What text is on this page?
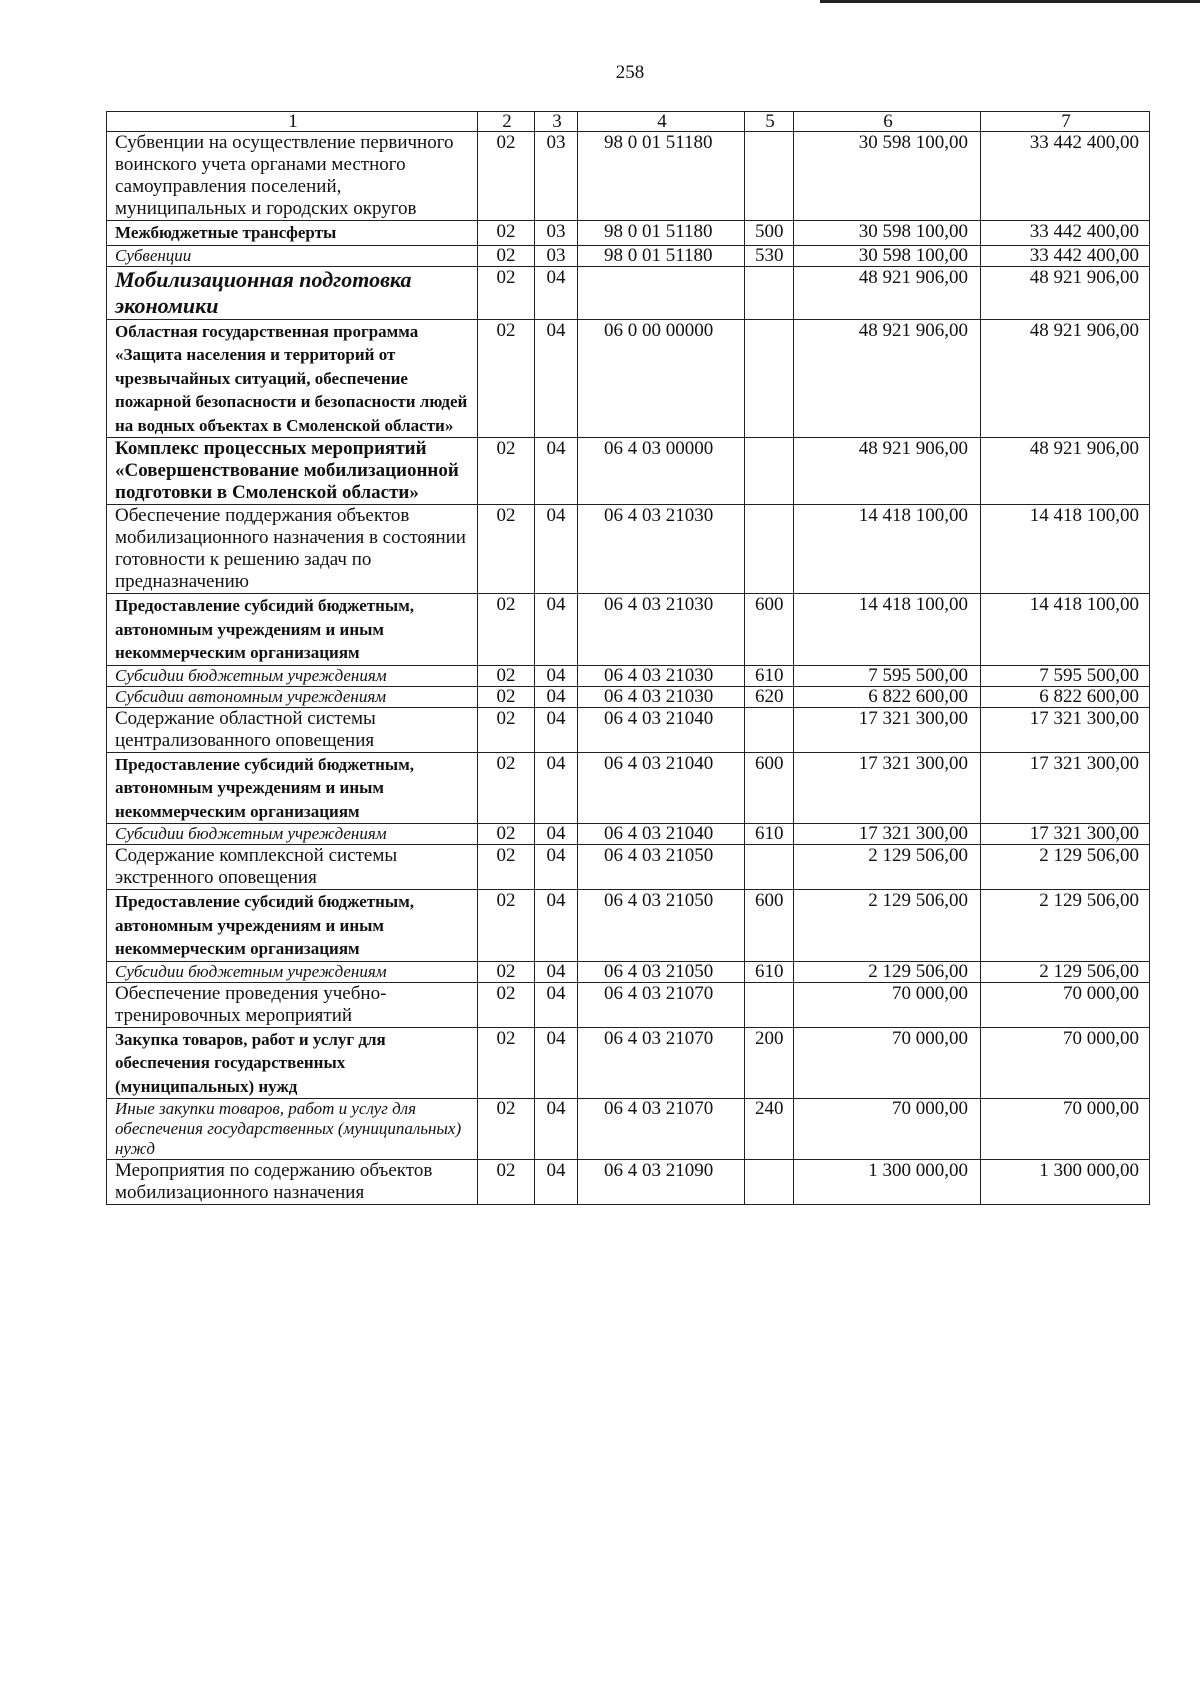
258
1	2	3	4	5	6	7
Субвенции на осуществление первичного воинского учета органами местного самоуправления поселений, муниципальных и городских округов	02	03	98 0 01 51180		30 598 100,00	33 442 400,00
Межбюджетные трансферты	02	03	98 0 01 51180	500	30 598 100,00	33 442 400,00
Субвенции	02	03	98 0 01 51180	530	30 598 100,00	33 442 400,00
Мобилизационная подготовка экономики	02	04			48 921 906,00	48 921 906,00
Областная государственная программа «Защита населения и территорий от чрезвычайных ситуаций, обеспечение пожарной безопасности и безопасности людей на водных объектах в Смоленской области»	02	04	06 0 00 00000		48 921 906,00	48 921 906,00
Комплекс процессных мероприятий «Совершенствование мобилизационной подготовки в Смоленской области»	02	04	06 4 03 00000		48 921 906,00	48 921 906,00
Обеспечение поддержания объектов мобилизационного назначения в состоянии готовности к решению задач по предназначению	02	04	06 4 03 21030		14 418 100,00	14 418 100,00
Предоставление субсидий бюджетным, автономным учреждениям и иным некоммерческим организациям	02	04	06 4 03 21030	600	14 418 100,00	14 418 100,00
Субсидии бюджетным учреждениям	02	04	06 4 03 21030	610	7 595 500,00	7 595 500,00
Субсидии автономным учреждениям	02	04	06 4 03 21030	620	6 822 600,00	6 822 600,00
Содержание областной системы централизованного оповещения	02	04	06 4 03 21040		17 321 300,00	17 321 300,00
Предоставление субсидий бюджетным, автономным учреждениям и иным некоммерческим организациям	02	04	06 4 03 21040	600	17 321 300,00	17 321 300,00
Субсидии бюджетным учреждениям	02	04	06 4 03 21040	610	17 321 300,00	17 321 300,00
Содержание комплексной системы экстренного оповещения	02	04	06 4 03 21050		2 129 506,00	2 129 506,00
Предоставление субсидий бюджетным, автономным учреждениям и иным некоммерческим организациям	02	04	06 4 03 21050	600	2 129 506,00	2 129 506,00
Субсидии бюджетным учреждениям	02	04	06 4 03 21050	610	2 129 506,00	2 129 506,00
Обеспечение проведения учебно-тренировочных мероприятий	02	04	06 4 03 21070		70 000,00	70 000,00
Закупка товаров, работ и услуг для обеспечения государственных (муниципальных) нужд	02	04	06 4 03 21070	200	70 000,00	70 000,00
Иные закупки товаров, работ и услуг для обеспечения государственных (муниципальных) нужд	02	04	06 4 03 21070	240	70 000,00	70 000,00
Мероприятия по содержанию объектов мобилизационного назначения	02	04	06 4 03 21090		1 300 000,00	1 300 000,00
